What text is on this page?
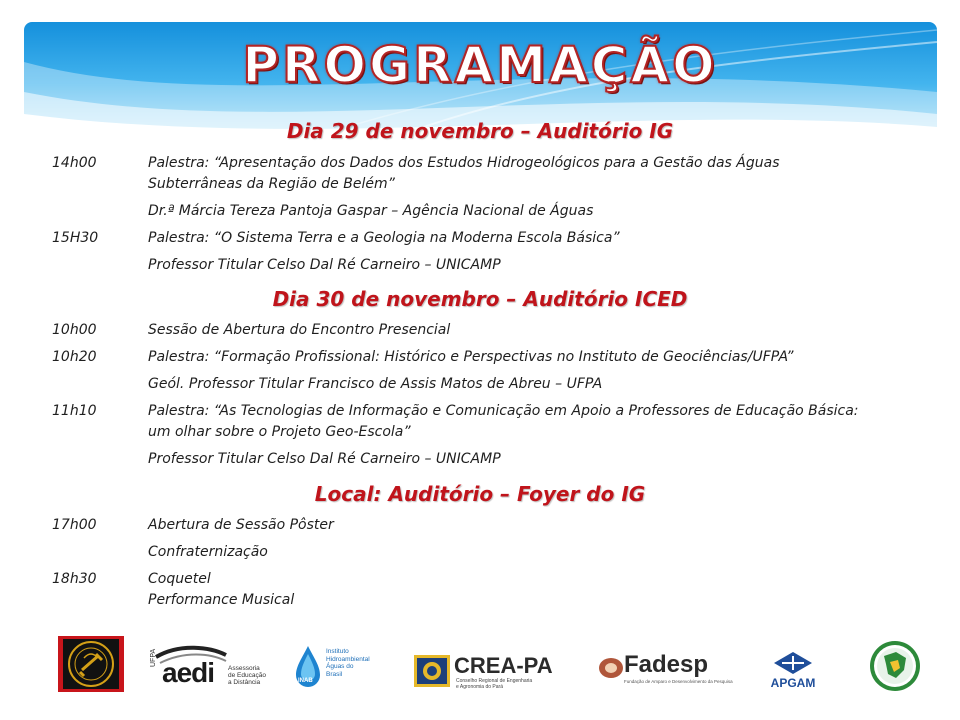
PROGRAMAÇÃO
Dia 29 de novembro – Auditório IG
14h00	Palestra: “Apresentação dos Dados dos Estudos Hidrogeológicos para a Gestão das Águas
Subterrâneas da Região de Belém”
Dr.ª Márcia Tereza Pantoja Gaspar – Agência Nacional de Águas
15H30	Palestra: “O Sistema Terra e a Geologia na Moderna Escola Básica”
Professor Titular Celso Dal Ré Carneiro – UNICAMP
Dia 30 de novembro – Auditório ICED
10h00	Sessão de Abertura do Encontro Presencial
10h20	Palestra: “Formação Profissional: Histórico e Perspectivas no Instituto de Geociências/UFPA”
Geól. Professor Titular Francisco de Assis Matos de Abreu – UFPA
11h10	Palestra: “As Tecnologias de Informação e Comunicação em Apoio a Professores de Educação Básica:
um olhar sobre o Projeto Geo-Escola”
Professor Titular Celso Dal Ré Carneiro – UNICAMP
Local: Auditório – Foyer do IG
17h00	Abertura de Sessão Pôster
Confraternização
18h30	Coquetel
Performance Musical
UFPA aedi Assessoria
de Educação
a Distância	INAB
Instituto
Hidroambiental
Águas do
Brasil	CREA-PA
Conselho Regional de Engenharia
e Agronomia do Pará
Fadesp
Fundação de Amparo e Desenvolvimento da Pesquisa	APGAM
